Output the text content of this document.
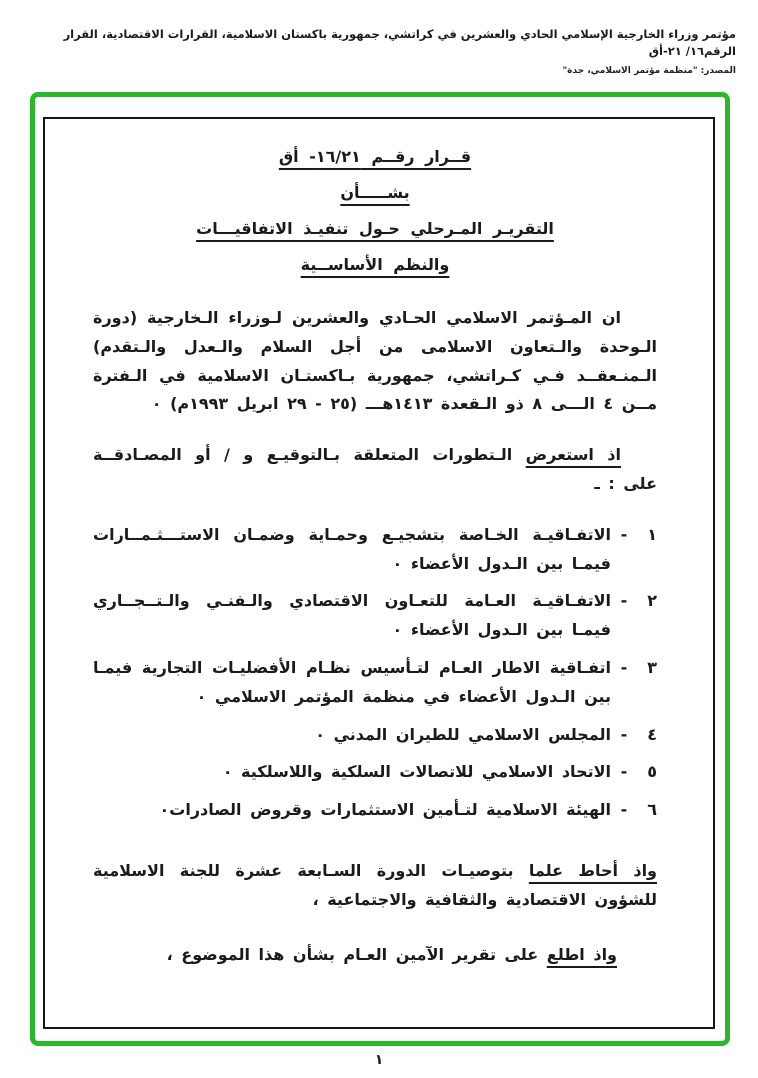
مؤتمر وزراء الخارجية الإسلامي الحادي والعشرين في كراتشي، جمهورية باكستان الاسلامية، القرارات الاقتصادية، القرار الرقم١٦/ ٢١-أق
المصدر: "منظمة مؤتمر الاسلامي، جدة"
قــرار رقــم ١٦/٢١- أق
بشـــــأن
التقريـر المـرحلي حـول تنفيـذ الاتفاقيـــات
والنظم الأساســية

ان المـؤتمر الاسلامي الحـادي والعشرين لـوزراء الـخارجية (دورة الـوحدة والـتعاون الاسلامى من أجل السلام والـعدل والـتقدم) الـمنـعقــد فـي كـراتشي، جمهورية بـاكستـان الاسلامية في الـفترة مــن ٤ الـــى ٨ ذو الـقعدة ١٤١٣هـــ (٢٥ - ٢٩ ابريل ١٩٩٣م) ٠

اذ استعرض الـتطورات المتعلقة بـالتوقيـع و / أو المصـادقــة على : ـ

١
-
الاتفـاقيـة الخـاصة بتشجيـع وحمـاية وضمـان الاستـــثـمــارات فيمـا بين الـدول الأعضاء ٠
٢
-
الاتفـاقيـة العـامة للتعـاون الاقتصادي والـفنـي والـتــجــاري فيمـا بين الـدول الأعضاء ٠
٣
-
اتفـاقية الاطار العـام لتـأسيس نظـام الأفضليـات التجارية فيمـا بين الـدول الأعضاء في منظمة المؤتمر الاسلامي ٠
٤
-
المجلس الاسلامي للطيران المدني ٠
٥
-
الاتحاد الاسلامي للاتصالات السلكية واللاسلكية ٠
٦
-
الهيئة الاسلامية لتـأمين الاستثمارات وقروض الصادرات٠

واذ أحاط علما بتوصيـات الدورة السـابعة عشرة للجنة الاسلامية للشؤون الاقتصادية والثقافية والاجتماعية ،

واذ اطلع على تقرير الآمين العـام بشأن هذا الموضوع ،

١
